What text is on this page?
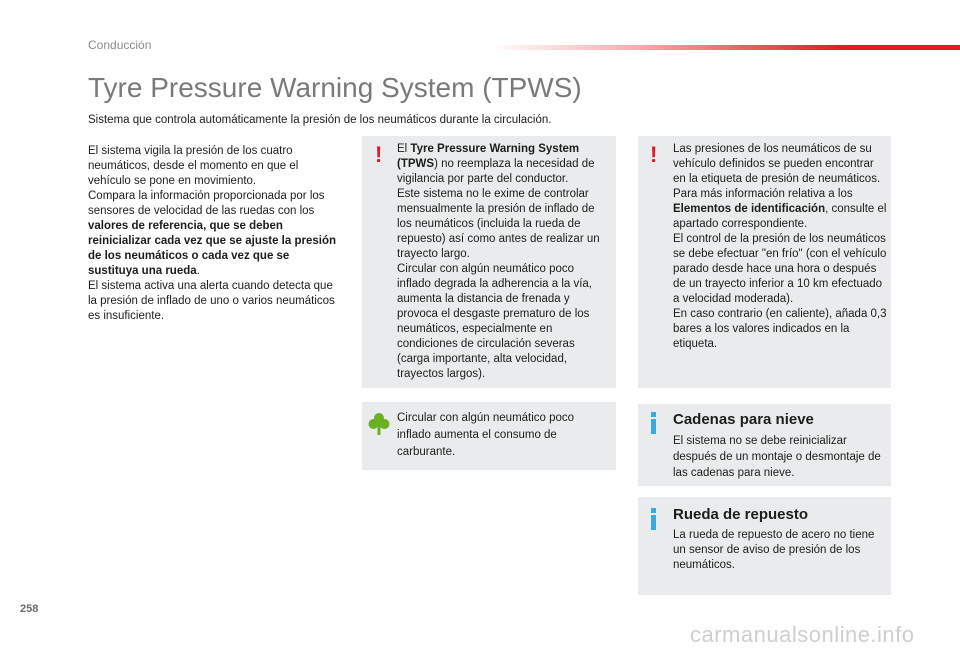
Conducción
Tyre Pressure Warning System (TPWS)
Sistema que controla automáticamente la presión de los neumáticos durante la circulación.
El sistema vigila la presión de los cuatro neumáticos, desde el momento en que el vehículo se pone en movimiento.
Compara la información proporcionada por los sensores de velocidad de las ruedas con los valores de referencia, que se deben reinicializar cada vez que se ajuste la presión de los neumáticos o cada vez que se sustituya una rueda.
El sistema activa una alerta cuando detecta que la presión de inflado de uno o varios neumáticos es insuficiente.
! El Tyre Pressure Warning System (TPWS) no reemplaza la necesidad de vigilancia por parte del conductor.
Este sistema no le exime de controlar mensualmente la presión de inflado de los neumáticos (incluida la rueda de repuesto) así como antes de realizar un trayecto largo.
Circular con algún neumático poco inflado degrada la adherencia a la vía, aumenta la distancia de frenada y provoca el desgaste prematuro de los neumáticos, especialmente en condiciones de circulación severas (carga importante, alta velocidad, trayectos largos).
! Las presiones de los neumáticos de su vehículo definidos se pueden encontrar en la etiqueta de presión de neumáticos.
Para más información relativa a los Elementos de identificación, consulte el apartado correspondiente.
El control de la presión de los neumáticos se debe efectuar "en frío" (con el vehículo parado desde hace una hora o después de un trayecto inferior a 10 km efectuado a velocidad moderada).
En caso contrario (en caliente), añada 0,3 bares a los valores indicados en la etiqueta.
Circular con algún neumático poco inflado aumenta el consumo de carburante.
Cadenas para nieve
El sistema no se debe reinicializar después de un montaje o desmontaje de las cadenas para nieve.
Rueda de repuesto
La rueda de repuesto de acero no tiene un sensor de aviso de presión de los neumáticos.
258
carmanualsonline.info
